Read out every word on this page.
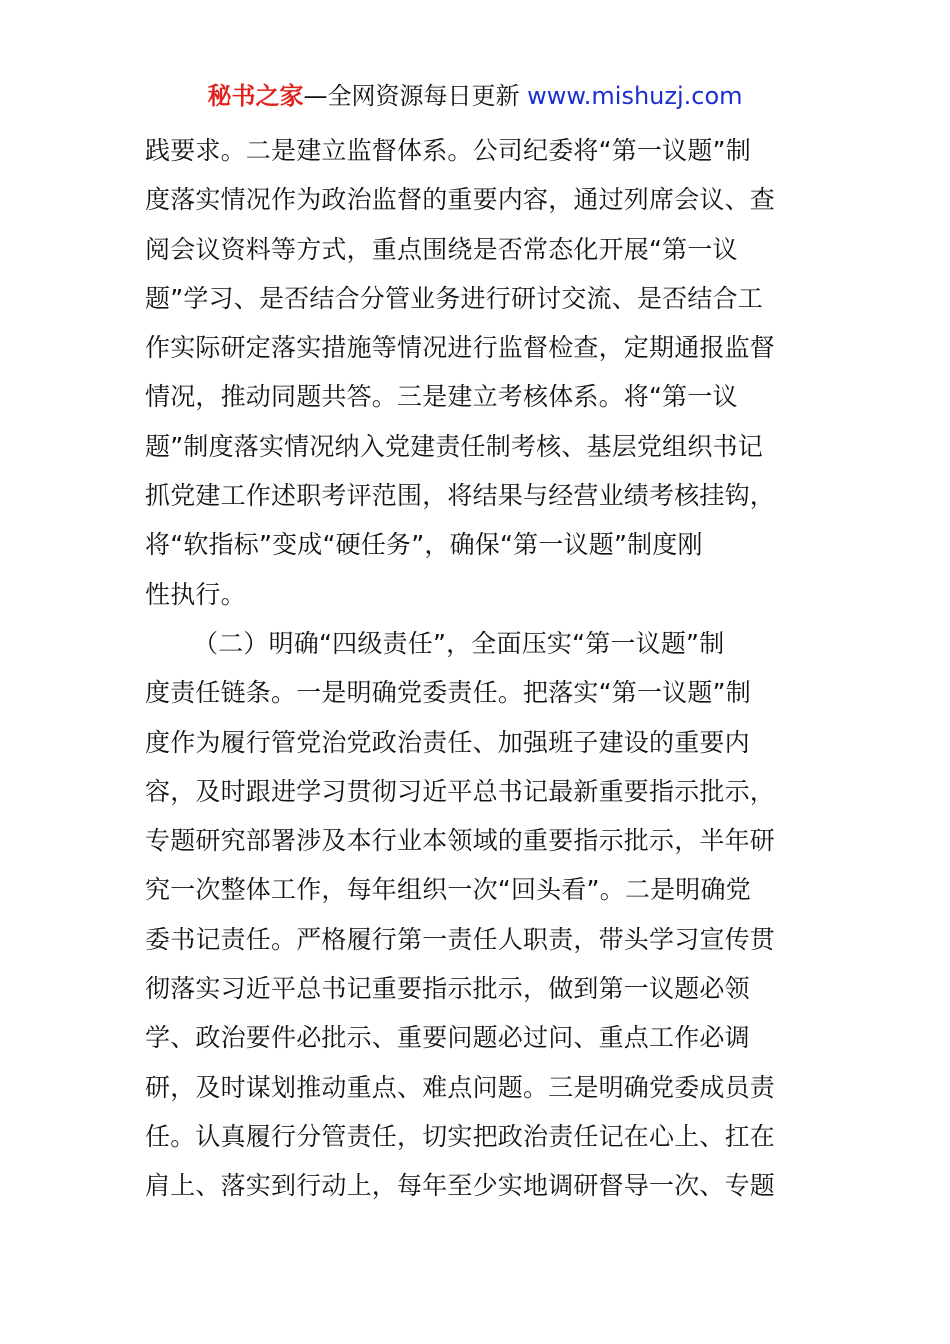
秘书之家—全网资源每日更新 www.mishuzj.com
践要求。二是建立监督体系。公司纪委将“第一议题”制
度落实情况作为政治监督的重要内容，通过列席会议、查
阅会议资料等方式，重点围绕是否常态化开展“第一议
题”学习、是否结合分管业务进行研讨交流、是否结合工
作实际研定落实措施等情况进行监督检查，定期通报监督
情况，推动同题共答。三是建立考核体系。将“第一议
题”制度落实情况纳入党建责任制考核、基层党组织书记
抓党建工作述职考评范围，将结果与经营业绩考核挂钩，
将“软指标”变成“硬任务”，确保“第一议题”制度刚
性执行。
（二）明确“四级责任”，全面压实“第一议题”制
度责任链条。一是明确党委责任。把落实“第一议题”制
度作为履行管党治党政治责任、加强班子建设的重要内
容，及时跟进学习贯彻习近平总书记最新重要指示批示，
专题研究部署涉及本行业本领域的重要指示批示，半年研
究一次整体工作，每年组织一次“回头看”。二是明确党
委书记责任。严格履行第一责任人职责，带头学习宣传贯
彻落实习近平总书记重要指示批示，做到第一议题必领
学、政治要件必批示、重要问题必过问、重点工作必调
研，及时谋划推动重点、难点问题。三是明确党委成员责
任。认真履行分管责任，切实把政治责任记在心上、扛在
肩上、落实到行动上，每年至少实地调研督导一次、专题
